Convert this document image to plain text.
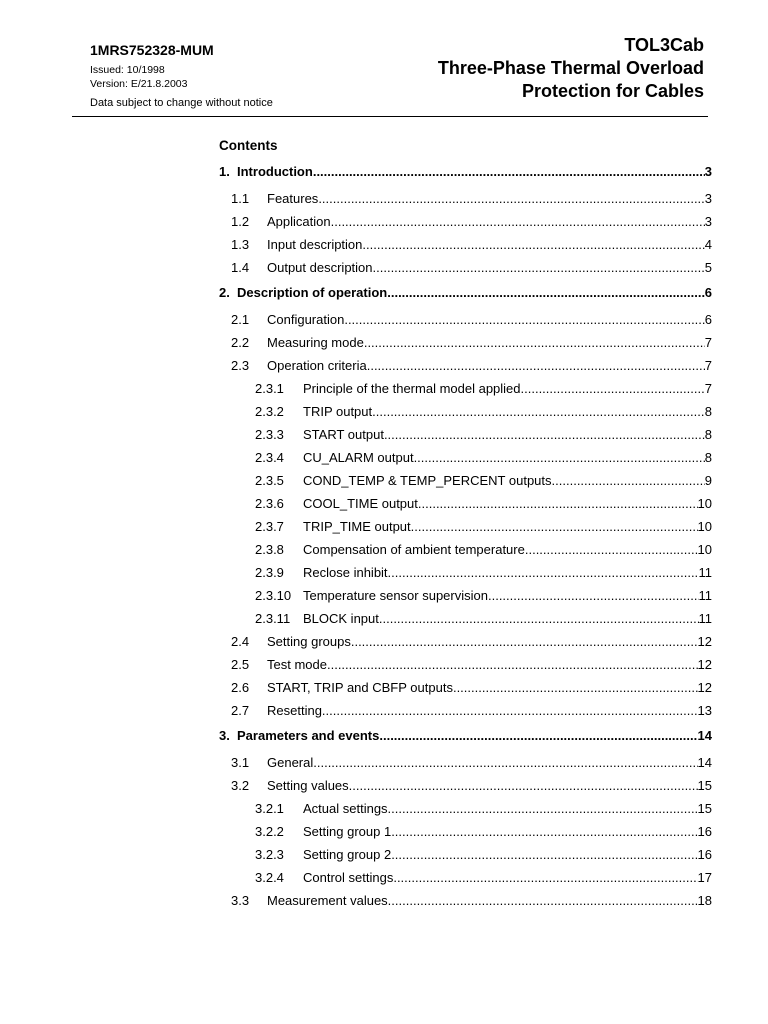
1MRS752328-MUM
Issued: 10/1998
Version: E/21.8.2003
Data subject to change without notice
TOL3Cab
Three-Phase Thermal Overload
Protection for Cables
Contents
1. Introduction .....	3
1.1	Features .....	3
1.2	Application .....	3
1.3	Input description .....	4
1.4	Output description .....	5
2. Description of operation .....	6
2.1	Configuration .....	6
2.2	Measuring mode .....	7
2.3	Operation criteria .....	7
2.3.1	Principle of the thermal model applied .....	7
2.3.2	TRIP output .....	8
2.3.3	START output .....	8
2.3.4	CU_ALARM output .....	8
2.3.5	COND_TEMP & TEMP_PERCENT outputs .....	9
2.3.6	COOL_TIME output .....	10
2.3.7	TRIP_TIME output .....	10
2.3.8	Compensation of ambient temperature .....	10
2.3.9	Reclose inhibit .....	11
2.3.10 Temperature sensor supervision .....	11
2.3.11 BLOCK input .....	11
2.4	Setting groups .....	12
2.5	Test mode .....	12
2.6	START, TRIP and CBFP outputs .....	12
2.7	Resetting .....	13
3. Parameters and events .....	14
3.1	General .....	14
3.2	Setting values .....	15
3.2.1	Actual settings .....	15
3.2.2	Setting group 1 .....	16
3.2.3	Setting group 2 .....	16
3.2.4	Control settings .....	17
3.3	Measurement values .....	18
